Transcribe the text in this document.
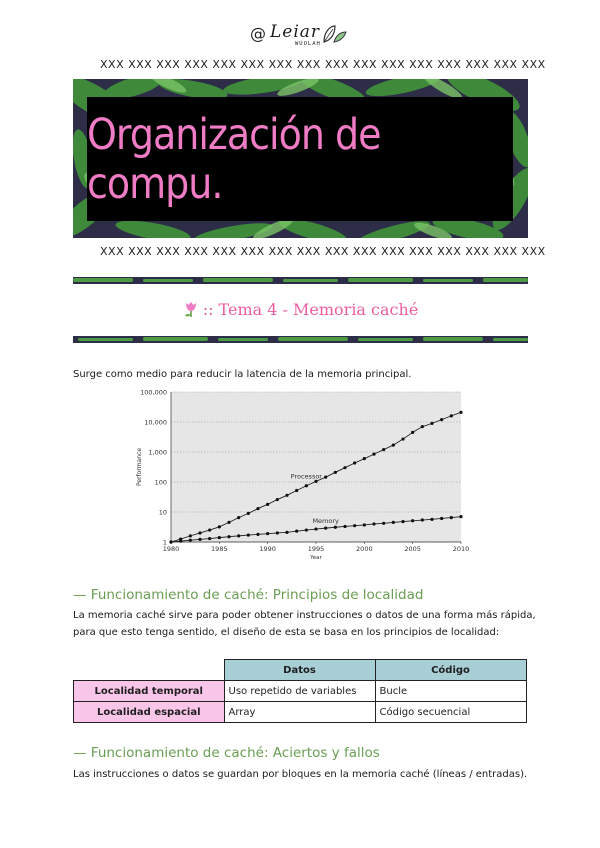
@ Leiar
WUOLAH
XXX XXX XXX XXX XXX XXX XXX XXX XXX XXX XXX XXX XXX XXX XXX XXX
Organización de compu.
XXX XXX XXX XXX XXX XXX XXX XXX XXX XXX XXX XXX XXX XXX XXX XXX
:: Tema 4 - Memoria caché
Surge como medio para reducir la latencia de la memoria principal.
1
10
100
1,000
10,000
100,000
1980	1985	1990	1995	2000	2005	2010
Year
Performance	Processor
Memory
— Funcionamiento de caché: Principios de localidad
La memoria caché sirve para poder obtener instrucciones o datos de una forma más rápida, para que esto tenga sentido, el diseño de esta se basa en los principios de localidad:
	Datos	Código
Localidad temporal	Uso repetido de variables	Bucle
Localidad espacial	Array	Código secuencial
— Funcionamiento de caché: Aciertos y fallos
Las instrucciones o datos se guardan por bloques en la memoria caché (líneas / entradas).
